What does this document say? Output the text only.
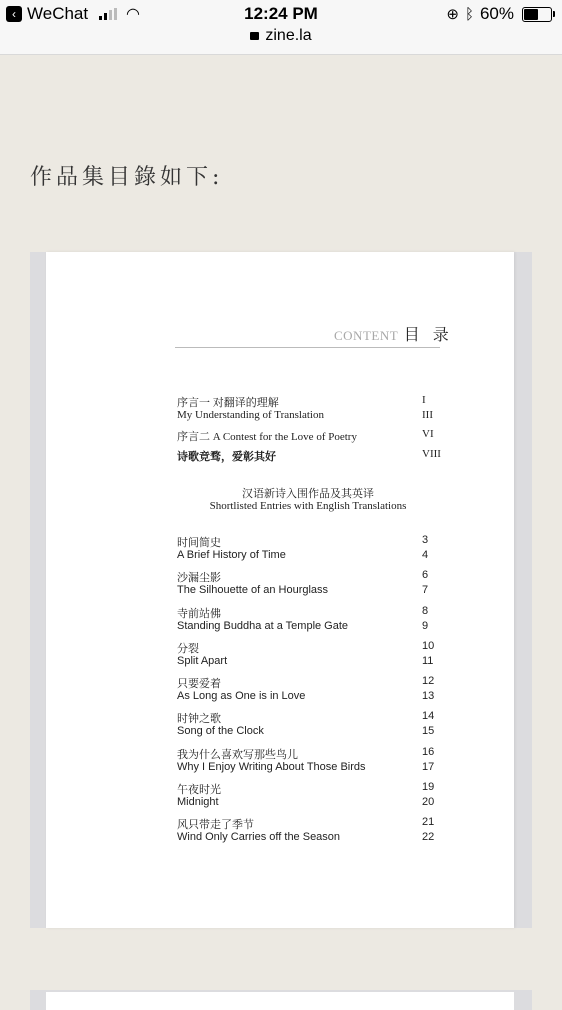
‹ WeChat ◠	12:24 PM
zine.la
⊕ ᛒ 60%
作品集目錄如下:
CONTENT 目 录
序言一 对翻译的理解	I
My Understanding of Translation	III
序言二 A Contest for the Love of Poetry	VI
诗歌竞骛，爱彰其好	VIII
汉语新诗入围作品及其英译
Shortlisted Entries with English Translations
时间简史	3
A Brief History of Time	4
沙漏尘影	6
The Silhouette of an Hourglass	7
寺前站佛	8
Standing Buddha at a Temple Gate	9
分裂	10
Split Apart	11
只要爱着	12
As Long as One is in Love	13
时钟之歌	14
Song of the Clock	15
我为什么喜欢写那些鸟儿	16
Why I Enjoy Writing About Those Birds	17
午夜时光	19
Midnight	20
风只带走了季节	21
Wind Only Carries off the Season	22
